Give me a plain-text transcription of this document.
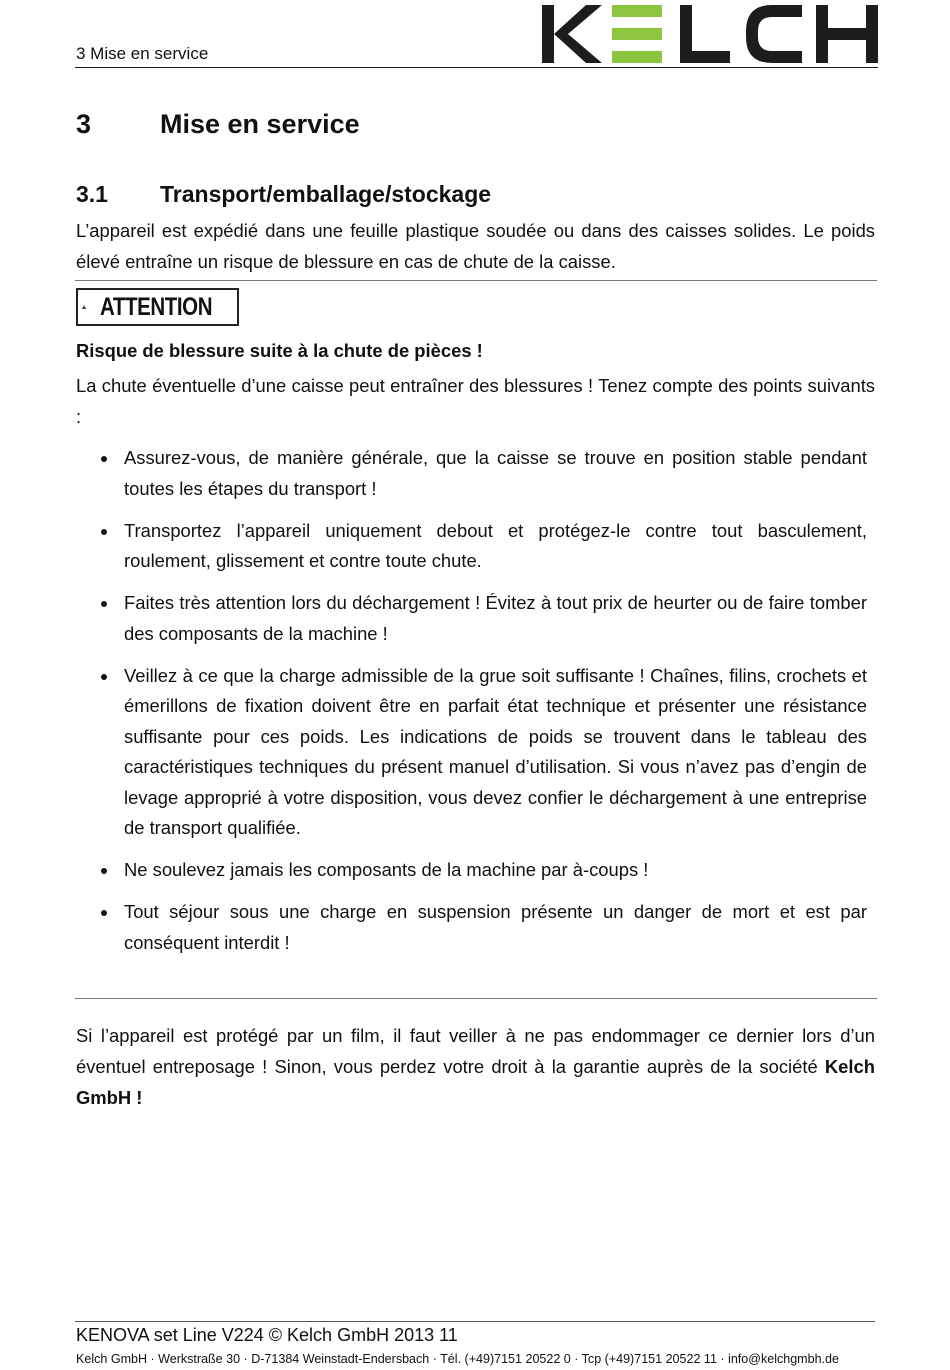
3 Mise en service
3	Mise en service
3.1 Transport/emballage/stockage
L’appareil est expédié dans une feuille plastique soudée ou dans des caisses solides. Le poids élevé entraîne un risque de blessure en cas de chute de la caisse.
ATTENTION
Risque de blessure suite à la chute de pièces !
La chute éventuelle d’une caisse peut entraîner des blessures ! Tenez compte des points suivants :
Assurez-vous, de manière générale, que la caisse se trouve en position stable pendant toutes les étapes du transport !
Transportez l’appareil uniquement debout et protégez-le contre tout basculement, roulement, glissement et contre toute chute.
Faites très attention lors du déchargement ! Évitez à tout prix de heurter ou de faire tomber des composants de la machine !
Veillez à ce que la charge admissible de la grue soit suffisante ! Chaînes, filins, crochets et émerillons de fixation doivent être en parfait état technique et présenter une résistance suffisante pour ces poids. Les indications de poids se trouvent dans le tableau des caractéristiques techniques du présent manuel d’utilisation. Si vous n’avez pas d’engin de levage approprié à votre disposition, vous devez confier le déchargement à une entreprise de transport qualifiée.
Ne soulevez jamais les composants de la machine par à-coups !
Tout séjour sous une charge en suspension présente un danger de mort et est par conséquent interdit !
Si l’appareil est protégé par un film, il faut veiller à ne pas endommager ce dernier lors d’un éventuel entreposage ! Sinon, vous perdez votre droit à la garantie auprès de la société Kelch GmbH !
KENOVA set Line V224 © Kelch GmbH 2013 11
Kelch GmbH · Werkstraße 30 · D-71384 Weinstadt-Endersbach · Tél. (+49)7151 20522 0 · Tcp (+49)7151 20522 11 · info@kelchgmbh.de
